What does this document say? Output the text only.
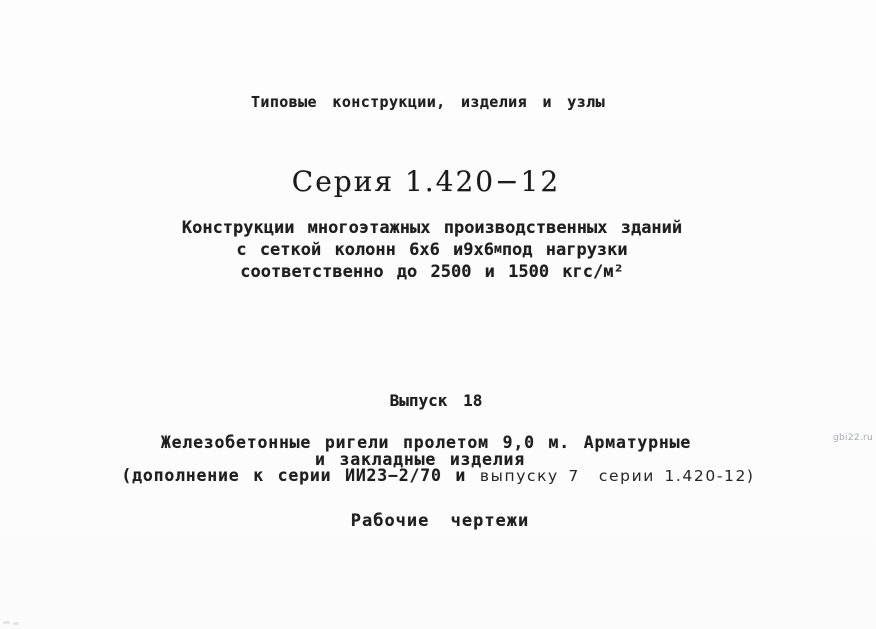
Типовые конструкции, изделия и узлы
Серия 1.420−12
Конструкции многоэтажных производственных зданий
с сеткой колонн 6х6 и9х6мпод нагрузки
соответственно до 2500 и 1500 кгс/м²
Выпуск 18
Железобетонные ригели пролетом 9,0 м. Арматурные
и закладные изделия
(дополнение к серии ИИ23−2/70 и выпуску 7  серии 1.420-12)
Рабочие чертежи
gbi22.ru
